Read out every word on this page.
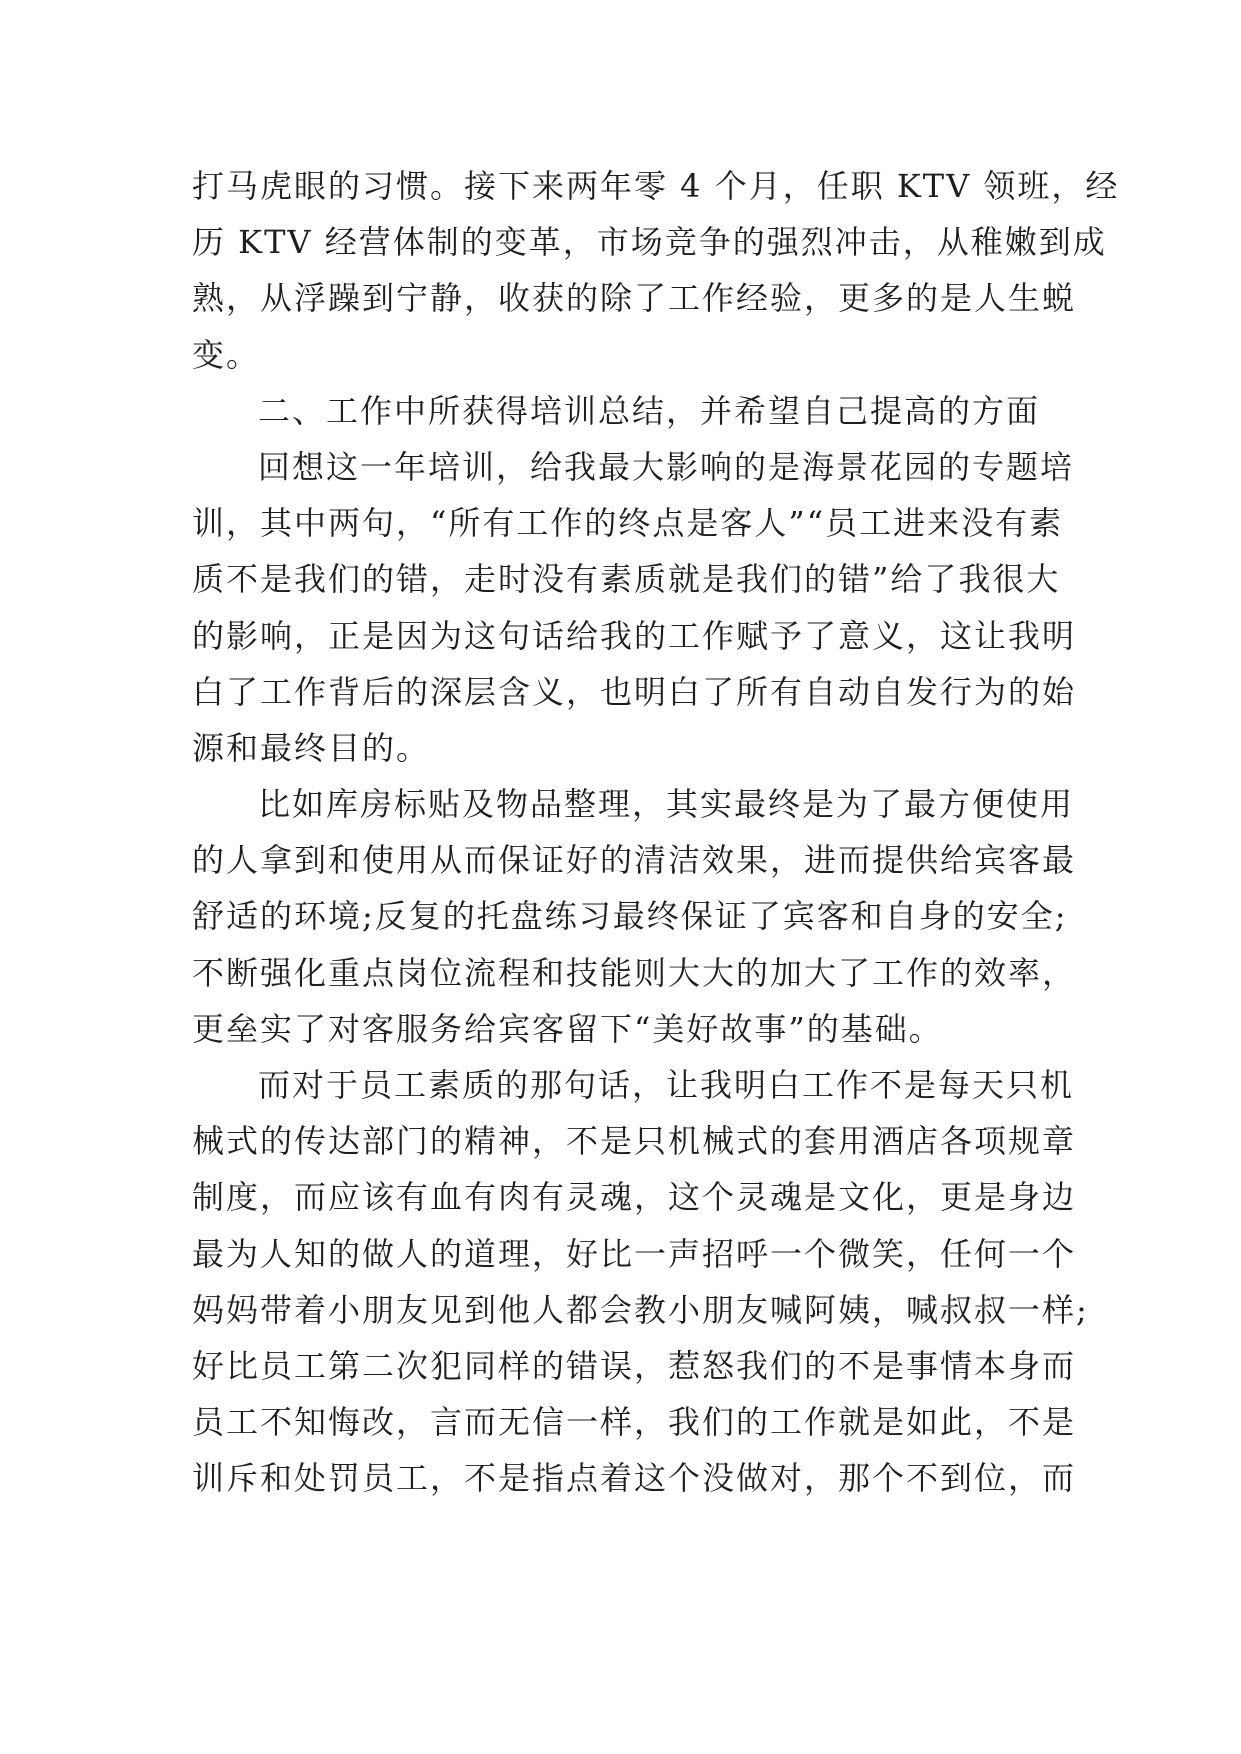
打马虎眼的习惯。接下来两年零 4 个月，任职 KTV 领班，经
历 KTV 经营体制的变革，市场竞争的强烈冲击，从稚嫩到成
熟，从浮躁到宁静，收获的除了工作经验，更多的是人生蜕
变。
二、工作中所获得培训总结，并希望自己提高的方面
回想这一年培训，给我最大影响的是海景花园的专题培
训，其中两句，“所有工作的终点是客人”“员工进来没有素
质不是我们的错，走时没有素质就是我们的错”给了我很大
的影响，正是因为这句话给我的工作赋予了意义，这让我明
白了工作背后的深层含义，也明白了所有自动自发行为的始
源和最终目的。
比如库房标贴及物品整理，其实最终是为了最方便使用
的人拿到和使用从而保证好的清洁效果，进而提供给宾客最
舒适的环境;反复的托盘练习最终保证了宾客和自身的安全;
不断强化重点岗位流程和技能则大大的加大了工作的效率，
更垒实了对客服务给宾客留下“美好故事”的基础。
而对于员工素质的那句话，让我明白工作不是每天只机
械式的传达部门的精神，不是只机械式的套用酒店各项规章
制度，而应该有血有肉有灵魂，这个灵魂是文化，更是身边
最为人知的做人的道理，好比一声招呼一个微笑，任何一个
妈妈带着小朋友见到他人都会教小朋友喊阿姨，喊叔叔一样;
好比员工第二次犯同样的错误，惹怒我们的不是事情本身而
员工不知悔改，言而无信一样，我们的工作就是如此，不是
训斥和处罚员工，不是指点着这个没做对，那个不到位，而
